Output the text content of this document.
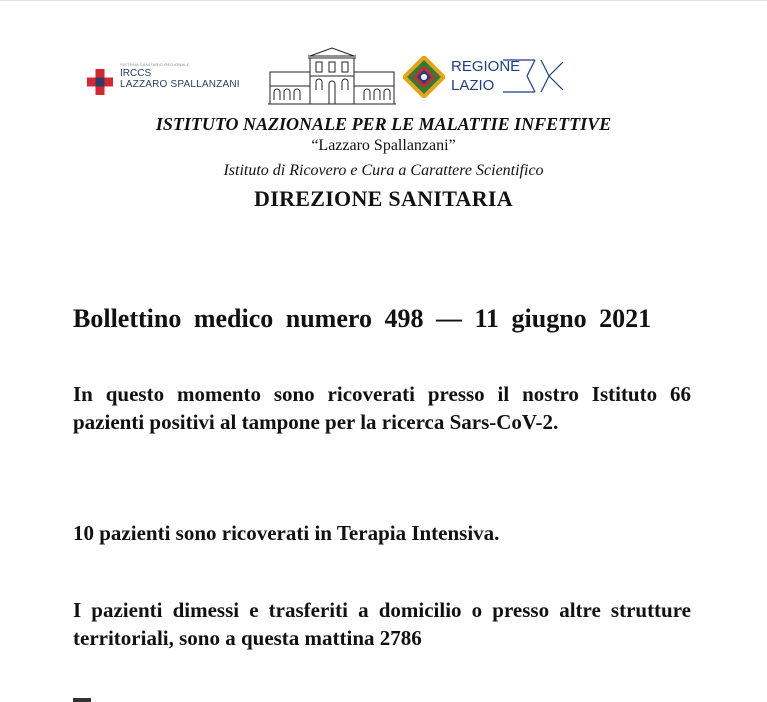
SISTEMA SANITARIO REGIONALE
IRCCS
LAZZARO SPALLANZANI
REGIONE
LAZIO
ISTITUTO NAZIONALE PER LE MALATTIE INFETTIVE
“Lazzaro Spallanzani”
Istituto di Ricovero e Cura a Carattere Scientifico
DIREZIONE SANITARIA
Bollettino medico numero 498 — 11 giugno 2021
In questo momento sono ricoverati presso il nostro Istituto 66 pazienti positivi al tampone per la ricerca Sars-CoV-2.
10 pazienti sono ricoverati in Terapia Intensiva.
I pazienti dimessi e trasferiti a domicilio o presso altre strutture territoriali, sono a questa mattina 2786
